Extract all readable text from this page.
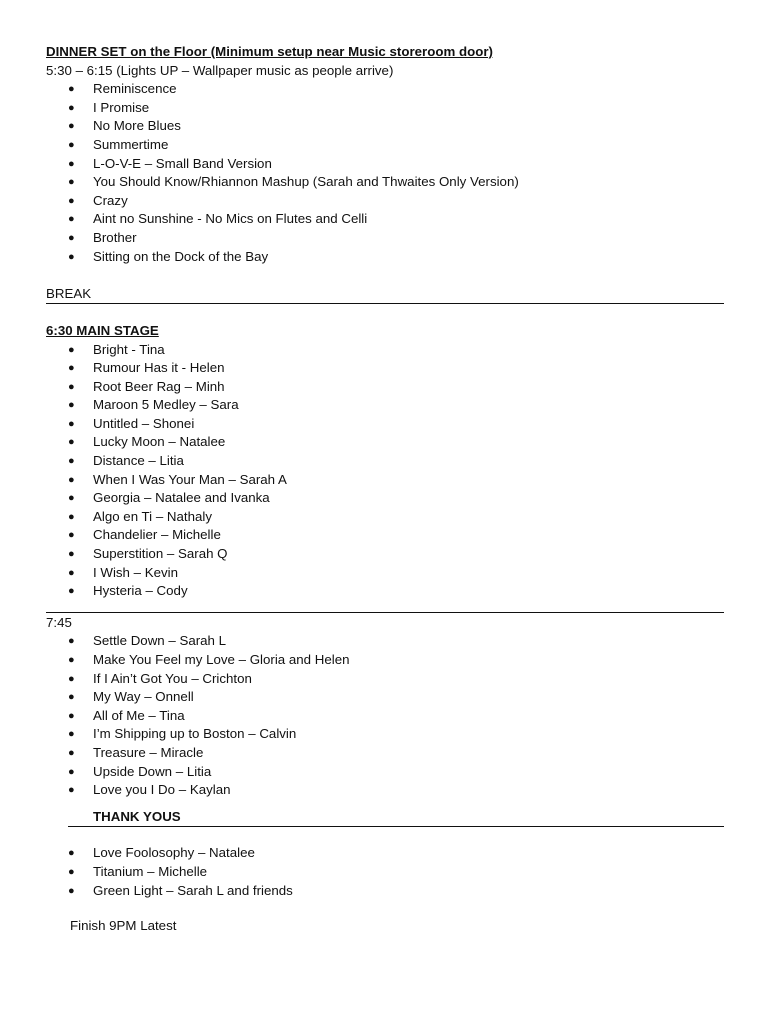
DINNER SET on the Floor (Minimum setup near Music storeroom door)
5:30 – 6:15 (Lights UP – Wallpaper music as people arrive)
● Reminiscence
● I Promise
● No More Blues
● Summertime
● L-O-V-E – Small Band Version
● You Should Know/Rhiannon Mashup (Sarah and Thwaites Only Version)
● Crazy
● Aint no Sunshine - No Mics on Flutes and Celli
● Brother
● Sitting on the Dock of the Bay
BREAK
6:30 MAIN STAGE
● Bright - Tina
● Rumour Has it - Helen
● Root Beer Rag – Minh
● Maroon 5 Medley – Sara
● Untitled – Shonei
● Lucky Moon – Natalee
● Distance – Litia
● When I Was Your Man – Sarah A
● Georgia – Natalee and Ivanka
● Algo en Ti – Nathaly
● Chandelier – Michelle
● Superstition – Sarah Q
● I Wish – Kevin
● Hysteria – Cody
7:45
● Settle Down – Sarah L
● Make You Feel my Love – Gloria and Helen
● If I Ain’t Got You – Crichton
● My Way – Onnell
● All of Me – Tina
● I’m Shipping up to Boston – Calvin
● Treasure – Miracle
● Upside Down – Litia
● Love you I Do – Kaylan
THANK YOUS
● Love Foolosophy – Natalee
● Titanium – Michelle
● Green Light – Sarah L and friends
Finish 9PM Latest
